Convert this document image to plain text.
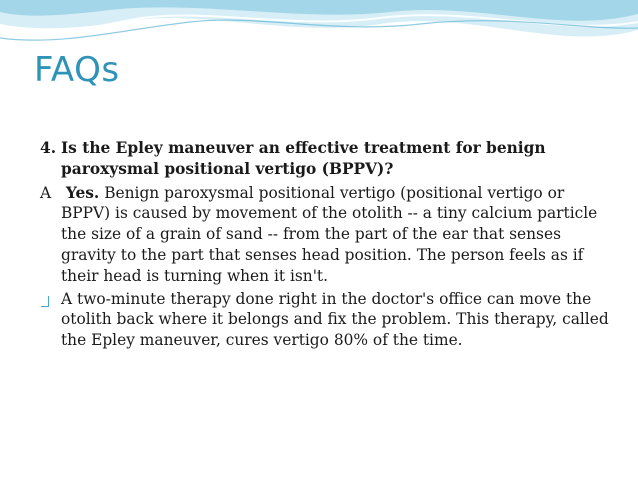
FAQs

4. Is the Epley maneuver an effective treatment for benign paroxysmal positional vertigo (BPPV)?

A Yes. Benign paroxysmal positional vertigo (positional vertigo or BPPV) is caused by movement of the otolith -- a tiny calcium particle the size of a grain of sand -- from the part of the ear that senses gravity to the part that senses head position. The person feels as if their head is turning when it isn't.

A two-minute therapy done right in the doctor's office can move the otolith back where it belongs and fix the problem. This therapy, called the Epley maneuver, cures vertigo 80% of the time.
